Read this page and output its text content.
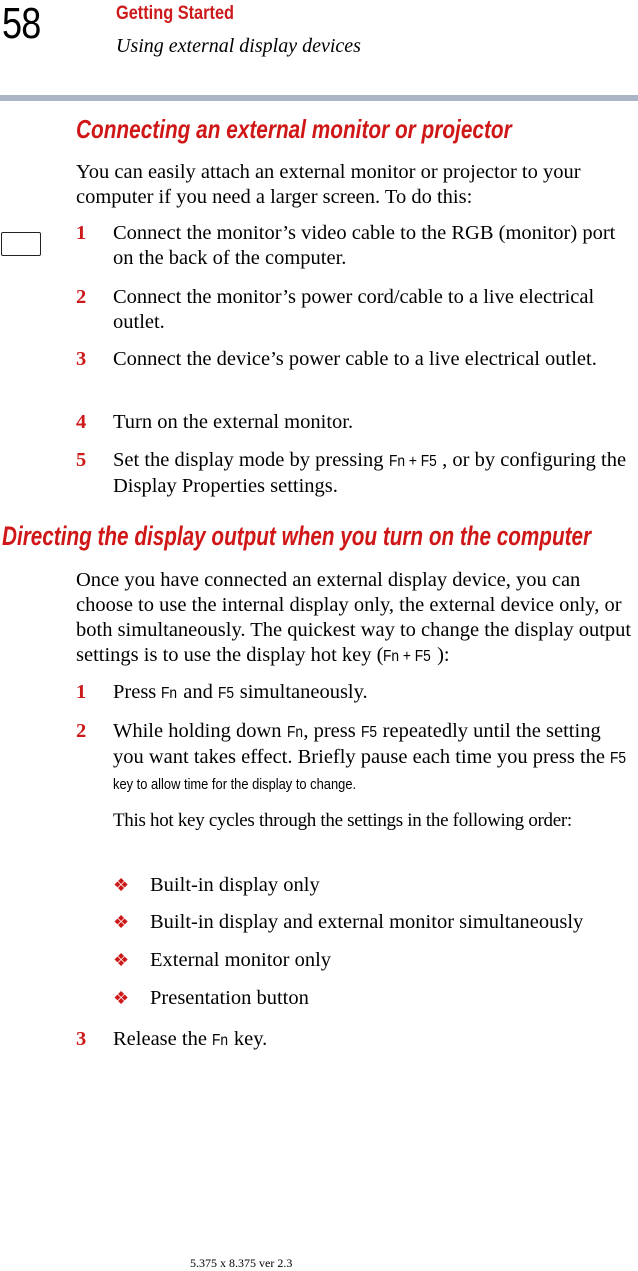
58	Getting Started
Using external display devices
Connecting an external monitor or projector
You can easily attach an external monitor or projector to your computer if you need a larger screen. To do this:
1 Connect the monitor’s video cable to the RGB (monitor) port on the back of the computer.
2 Connect the monitor’s power cord/cable to a live electrical outlet.
3 Connect the device’s power cable to a live electrical outlet.
4 Turn on the external monitor.
5 Set the display mode by pressing Fn + F5 , or by configuring the Display Properties settings.
Directing the display output when you turn on the computer
Once you have connected an external display device, you can choose to use the internal display only, the external device only, or both simultaneously. The quickest way to change the display output settings is to use the display hot key (Fn + F5 ):
1 Press Fn and F5 simultaneously.
2 While holding down Fn, press F5 repeatedly until the setting you want takes effect. Briefly pause each time you press the F5key to allow time for the display to change.
This hot key cycles through the settings in the following order:
❖ Built-in display only
❖ Built-in display and external monitor simultaneously
❖ External monitor only
❖ Presentation button
3 Release the Fn key.
5.375 x 8.375 ver 2.3
